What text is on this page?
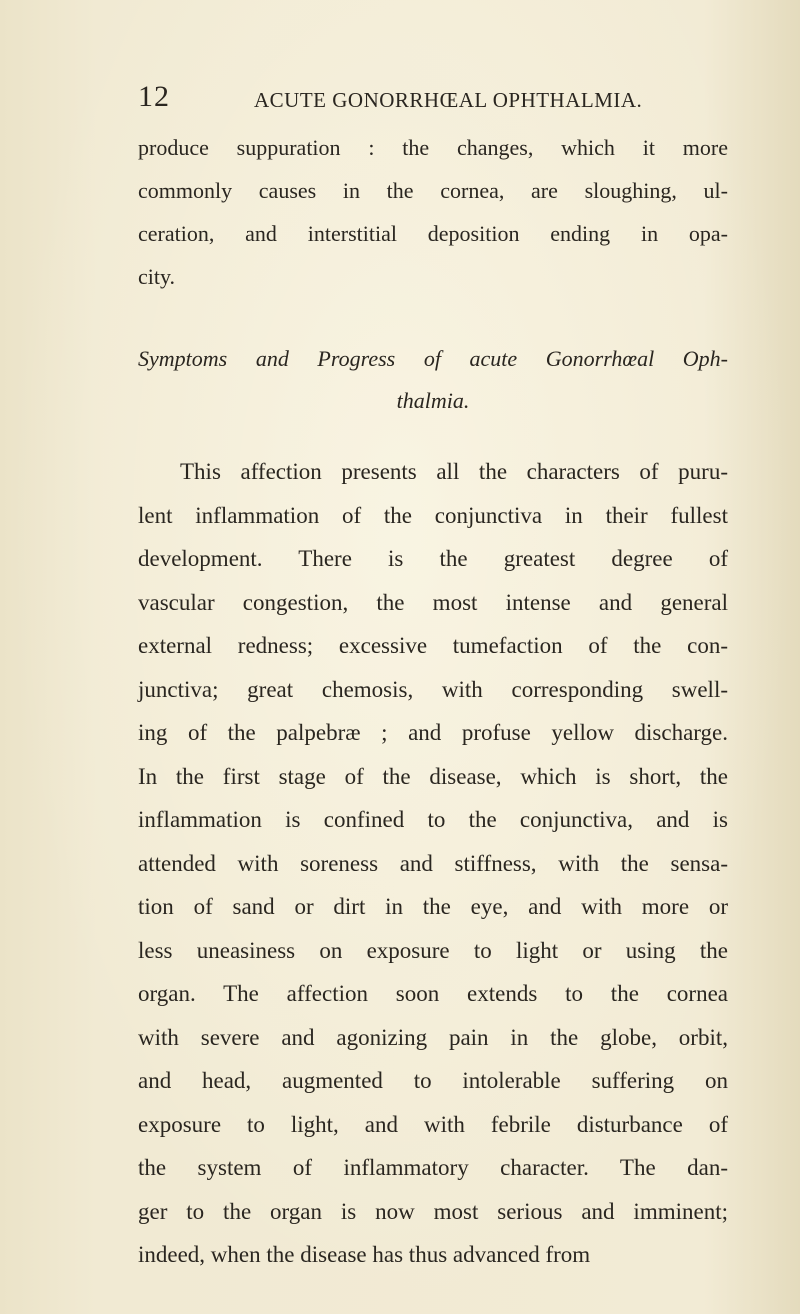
12	ACUTE GONORRHŒAL OPHTHALMIA.
produce suppuration : the changes, which it more
commonly causes in the cornea, are sloughing, ul-
ceration, and interstitial deposition ending in opa-
city.
Symptoms and Progress of acute Gonorrhœal Oph-
thalmia.
This affection presents all the characters of puru-
lent inflammation of the conjunctiva in their fullest
development. There is the greatest degree of
vascular congestion, the most intense and general
external redness; excessive tumefaction of the con-
junctiva; great chemosis, with corresponding swell-
ing of the palpebræ ; and profuse yellow discharge.
In the first stage of the disease, which is short, the
inflammation is confined to the conjunctiva, and is
attended with soreness and stiffness, with the sensa-
tion of sand or dirt in the eye, and with more or
less uneasiness on exposure to light or using the
organ. The affection soon extends to the cornea
with severe and agonizing pain in the globe, orbit,
and head, augmented to intolerable suffering on
exposure to light, and with febrile disturbance of
the system of inflammatory character. The dan-
ger to the organ is now most serious and imminent;
indeed, when the disease has thus advanced from
